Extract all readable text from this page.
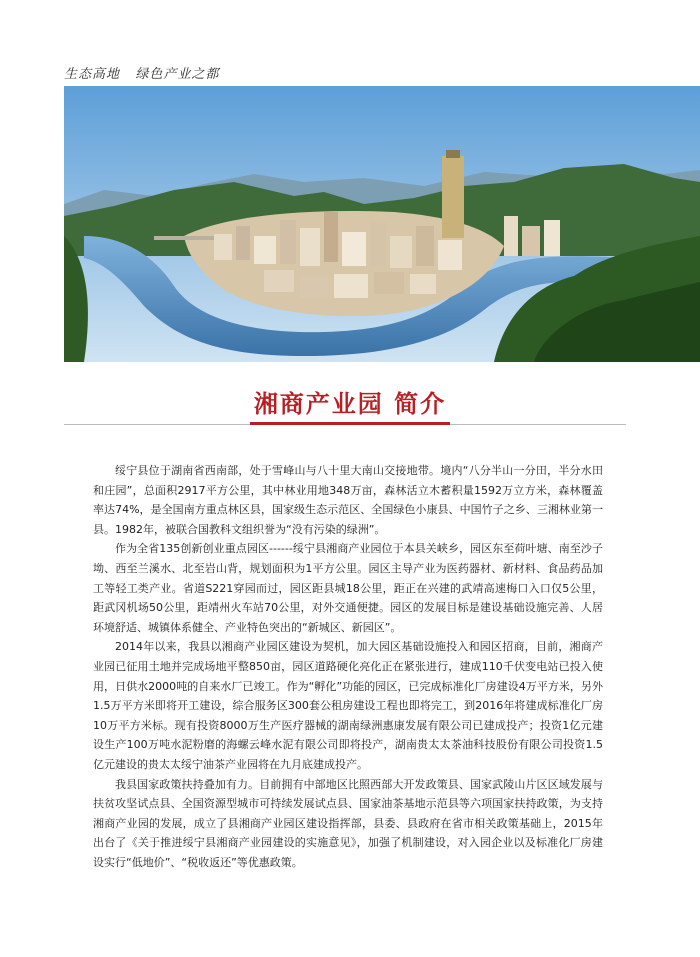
生态高地   绿色产业之都
湘商产业园 简介

绥宁县位于湖南省西南部，处于雪峰山与八十里大南山交接地带。境内“八分半山一分田，半分水田和庄园”，总面积2917平方公里，其中林业用地348万亩，森林活立木蓄积量1592万立方米，森林覆盖率达74%，是全国南方重点林区县，国家级生态示范区、全国绿色小康县、中国竹子之乡、三湘林业第一县。1982年，被联合国教科文组织誉为“没有污染的绿洲”。

作为全省135创新创业重点园区------绥宁县湘商产业园位于本县关峡乡，园区东至荷叶塘、南至沙子坳、西至兰溪水、北至岩山背，规划面积为1平方公里。园区主导产业为医药器材、新材料、食品药品加工等轻工类产业。省道S221穿园而过，园区距县城18公里，距正在兴建的武靖高速梅口入口仅5公里，距武冈机场50公里，距靖州火车站70公里，对外交通便捷。园区的发展目标是建设基础设施完善、人居环境舒适、城镇体系健全、产业特色突出的“新城区、新园区”。

2014年以来，我县以湘商产业园区建设为契机，加大园区基础设施投入和园区招商，目前，湘商产业园已征用土地并完成场地平整850亩，园区道路硬化亮化正在紧张进行，建成110千伏变电站已投入使用，日供水2000吨的自来水厂已竣工。作为“孵化”功能的园区，已完成标准化厂房建设4万平方米，另外1.5万平方米即将开工建设，综合服务区300套公租房建设工程也即将完工，到2016年将建成标准化厂房10万平方米标。现有投资8000万生产医疗器械的湖南绿洲惠康发展有限公司已建成投产；投资1亿元建设生产100万吨水泥粉磨的海螺云峰水泥有限公司即将投产，湖南贵太太茶油科技股份有限公司投资1.5亿元建设的贵太太绥宁油茶产业园将在九月底建成投产。

我县国家政策扶持叠加有力。目前拥有中部地区比照西部大开发政策县、国家武陵山片区区域发展与扶贫攻坚试点县、全国资源型城市可持续发展试点县、国家油茶基地示范县等六项国家扶持政策，为支持湘商产业园的发展，成立了县湘商产业园区建设指挥部，县委、县政府在省市相关政策基础上，2015年出台了《关于推进绥宁县湘商产业园建设的实施意见》，加强了机制建设，对入园企业以及标准化厂房建设实行“低地价”、“税收返还”等优惠政策。
